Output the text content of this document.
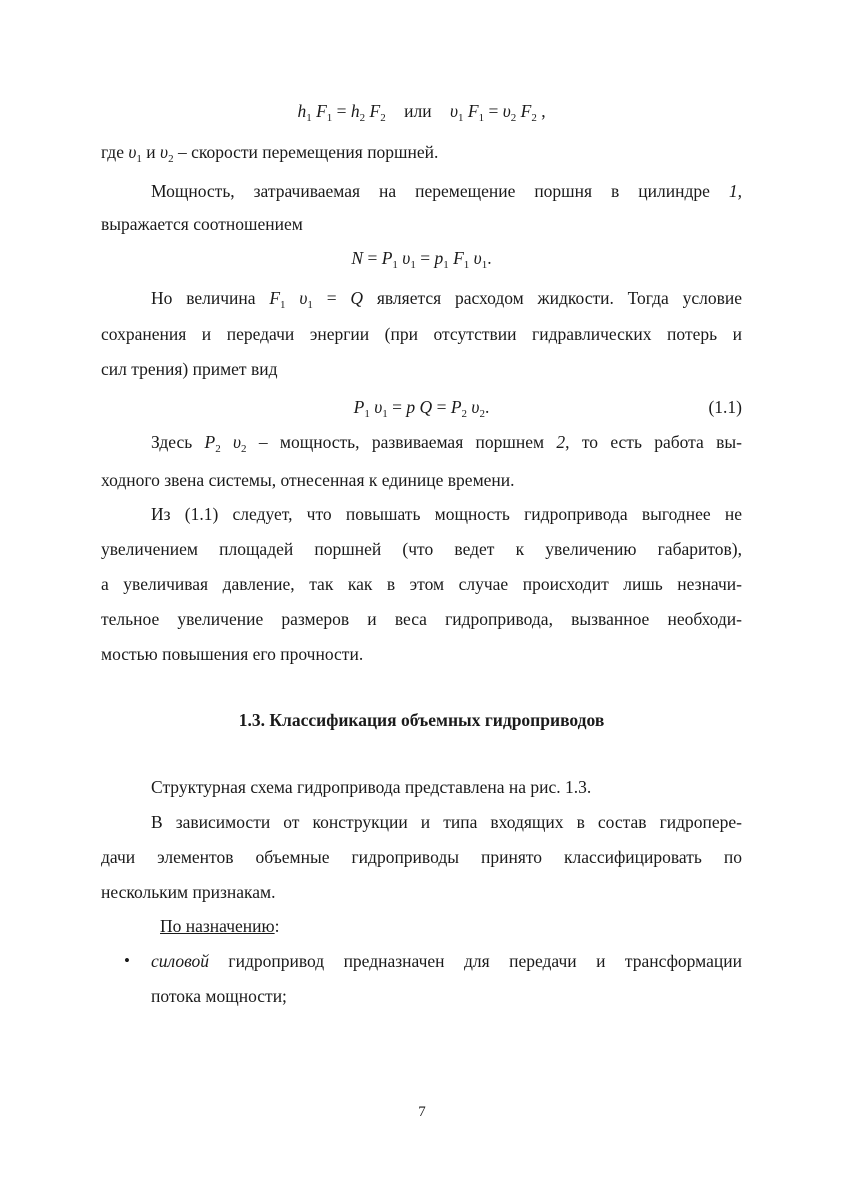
$h_1$ $F_1 = h_2$ $F_2$ или $\upsilon_1$ $F_1 = \upsilon_2$ $F_2$ ,
где $\upsilon_1$ и $\upsilon_2$ – скорости перемещения поршней.
Мощность, затрачиваемая на перемещение поршня в цилиндре 1,
выражается соотношением
$N = P_1$ $\upsilon_1 = p_1$ $F_1$ $\upsilon_1$.
Но величина $F_1$ $\upsilon_1 = Q$ является расходом жидкости. Тогда условие
сохранения и передачи энергии (при отсутствии гидравлических потерь и
сил трения) примет вид
$P_1$ $\upsilon_1 = p$ $Q = P_2$ $\upsilon_2$.	(1.1)
Здесь $P_2$ $\upsilon_2$ – мощность, развиваемая поршнем 2, то есть работа вы-
ходного звена системы, отнесенная к единице времени.
Из (1.1) следует, что повышать мощность гидропривода выгоднее не
увеличением площадей поршней (что ведет к увеличению габаритов),
а увеличивая давление, так как в этом случае происходит лишь незначи-
тельное увеличение размеров и веса гидропривода, вызванное необходи-
мостью повышения его прочности.
1.3. Классификация объемных гидроприводов
Структурная схема гидропривода представлена на рис. 1.3.
В зависимости от конструкции и типа входящих в состав гидропере-
дачи элементов объемные гидроприводы принято классифицировать по
нескольким признакам.
По назначению:
• силовой гидропривод предназначен для передачи и трансформации
потока мощности;
7
